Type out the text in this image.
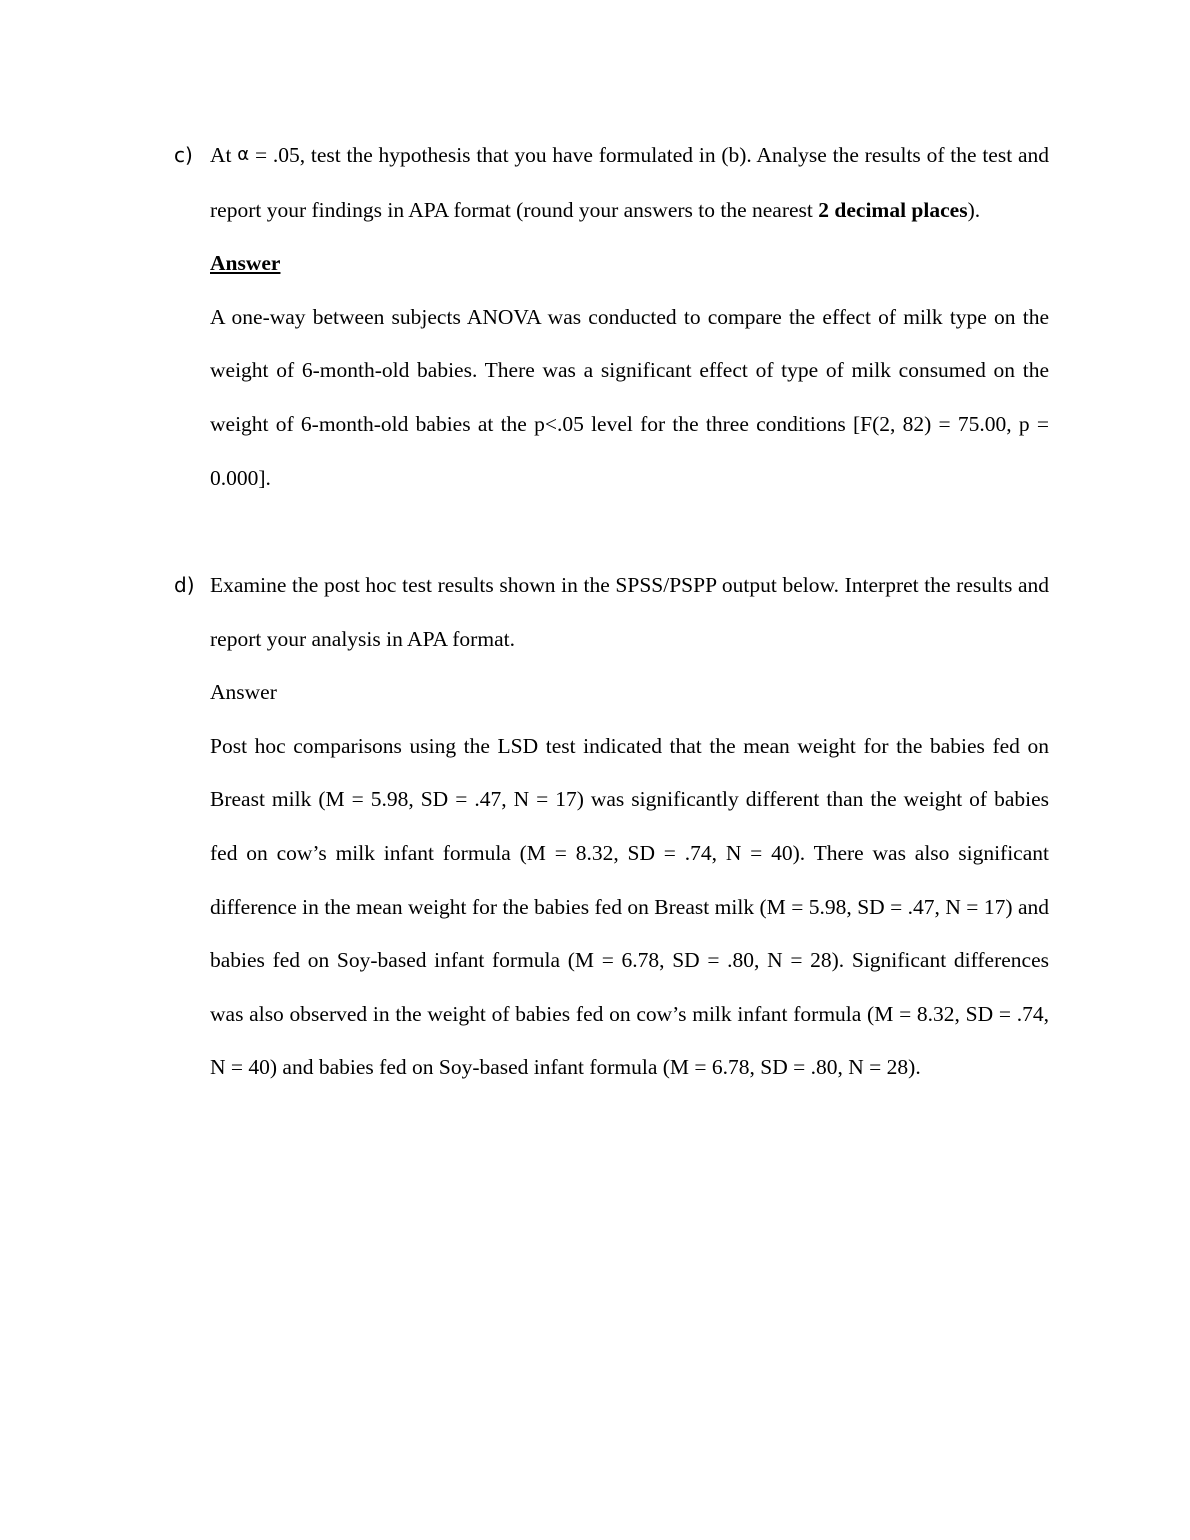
c) At α = .05, test the hypothesis that you have formulated in (b). Analyse the results of the test and report your findings in APA format (round your answers to the nearest 2 decimal places).

Answer

A one-way between subjects ANOVA was conducted to compare the effect of milk type on the weight of 6-month-old babies. There was a significant effect of type of milk consumed on the weight of 6-month-old babies at the p<.05 level for the three conditions [F(2, 82) = 75.00, p = 0.000].

d) Examine the post hoc test results shown in the SPSS/PSPP output below. Interpret the results and report your analysis in APA format.

Answer

Post hoc comparisons using the LSD test indicated that the mean weight for the babies fed on Breast milk (M = 5.98, SD = .47, N = 17) was significantly different than the weight of babies fed on cow’s milk infant formula (M = 8.32, SD = .74, N = 40). There was also significant difference in the mean weight for the babies fed on Breast milk (M = 5.98, SD = .47, N = 17) and babies fed on Soy-based infant formula (M = 6.78, SD = .80, N = 28). Significant differences was also observed in the weight of babies fed on cow’s milk infant formula (M = 8.32, SD = .74, N = 40) and babies fed on Soy-based infant formula (M = 6.78, SD = .80, N = 28).
